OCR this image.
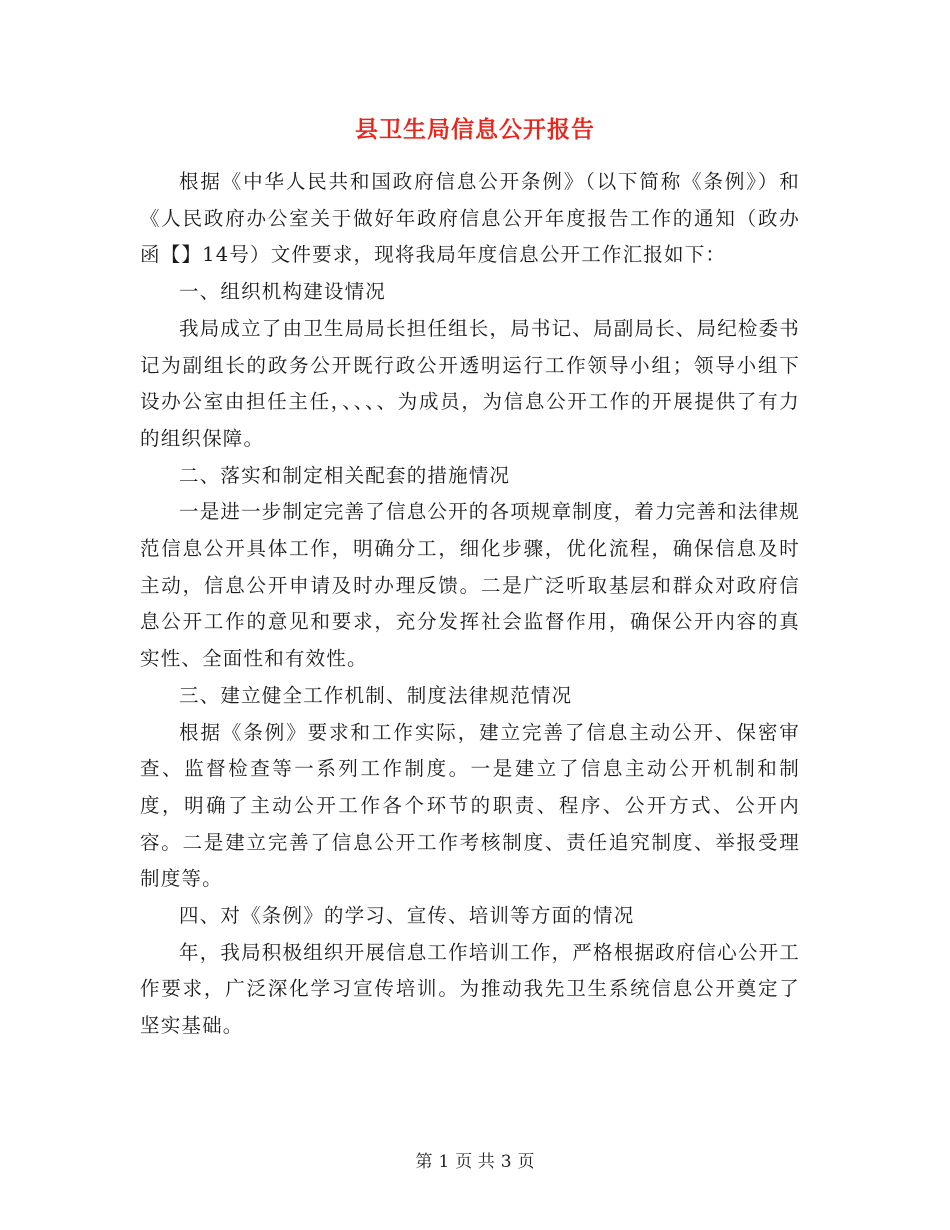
县卫生局信息公开报告

根据《中华人民共和国政府信息公开条例》（以下简称《条例》）和《人民政府办公室关于做好年政府信息公开年度报告工作的通知（政办函【】14号）文件要求，现将我局年度信息公开工作汇报如下：

一、组织机构建设情况

我局成立了由卫生局局长担任组长，局书记、局副局长、局纪检委书记为副组长的政务公开既行政公开透明运行工作领导小组；领导小组下设办公室由担任主任，、、、、为成员，为信息公开工作的开展提供了有力的组织保障。

二、落实和制定相关配套的措施情况

一是进一步制定完善了信息公开的各项规章制度，着力完善和法律规范信息公开具体工作，明确分工，细化步骤，优化流程，确保信息及时主动，信息公开申请及时办理反馈。二是广泛听取基层和群众对政府信息公开工作的意见和要求，充分发挥社会监督作用，确保公开内容的真实性、全面性和有效性。

三、建立健全工作机制、制度法律规范情况

根据《条例》要求和工作实际，建立完善了信息主动公开、保密审查、监督检查等一系列工作制度。一是建立了信息主动公开机制和制度，明确了主动公开工作各个环节的职责、程序、公开方式、公开内容。二是建立完善了信息公开工作考核制度、责任追究制度、举报受理制度等。

四、对《条例》的学习、宣传、培训等方面的情况

年，我局积极组织开展信息工作培训工作，严格根据政府信心公开工作要求，广泛深化学习宣传培训。为推动我先卫生系统信息公开奠定了坚实基础。

第 1 页 共 3 页
